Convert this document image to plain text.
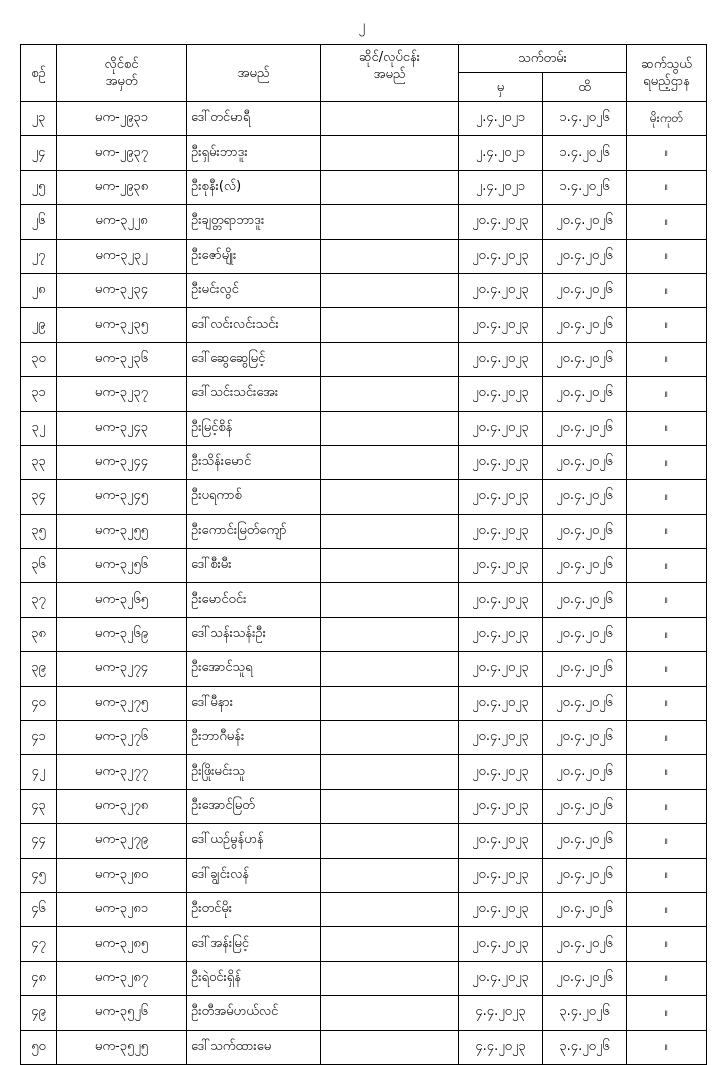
၂
စဉ်	လိုင်စင်
အမှတ်	အမည်	ဆိုင်/လုပ်ငန်း
အမည်	သက်တမ်း		ဆက်သွယ်
ရမည့်ဌာန
				မှ	ထိ	
၂၃	မက-၂၉၃၁	ဒေါ်တင်မာရီ		၂.၄.၂၀၂၁	၁.၄.၂၀၂၆	မိုးကုတ်
၂၄	မက-၂၉၃၇	ဦးရှမ်းဘာဒူး		၂.၄.၂၀၂၁	၁.၄.၂၀၂၆	။
၂၅	မက-၂၉၃၈	ဦးစုနီး(လ်)		၂.၄.၂၀၂၁	၁.၄.၂၀၂၆	။
၂၆	မက-၃၂၂၈	ဦးချတ္တရာဘာဒူး		၂၀.၄.၂၀၂၃	၂၀.၄.၂၀၂၆	။
၂၇	မက-၃၂၃၂	ဦးဇော်မျိုး		၂၀.၄.၂၀၂၃	၂၀.၄.၂၀၂၆	။
၂၈	မက-၃၂၃၄	ဦးမင်းလွင်		၂၀.၄.၂၀၂၃	၂၀.၄.၂၀၂၆	။
၂၉	မက-၃၂၃၅	ဒေါ်လင်းလင်းသင်း		၂၀.၄.၂၀၂၃	၂၀.၄.၂၀၂၆	။
၃၀	မက-၃၂၃၆	ဒေါ်ဆွေဆွေမြင့်		၂၀.၄.၂၀၂၃	၂၀.၄.၂၀၂၆	။
၃၁	မက-၃၂၃၇	ဒေါ်သင်းသင်းအေး		၂၀.၄.၂၀၂၃	၂၀.၄.၂၀၂၆	။
၃၂	မက-၃၂၄၃	ဦးမြင့်စိန်		၂၀.၄.၂၀၂၃	၂၀.၄.၂၀၂၆	။
၃၃	မက-၃၂၄၄	ဦးသိန်းမောင်		၂၀.၄.၂၀၂၃	၂၀.၄.၂၀၂၆	။
၃၄	မက-၃၂၄၅	ဦးပရကာစ်		၂၀.၄.၂၀၂၃	၂၀.၄.၂၀၂၆	။
၃၅	မက-၃၂၅၅	ဦးကောင်းမြတ်ကျော်		၂၀.၄.၂၀၂၃	၂၀.၄.၂၀၂၆	။
၃၆	မက-၃၂၅၆	ဒေါ်စီးမီး		၂၀.၄.၂၀၂၃	၂၀.၄.၂၀၂၆	။
၃၇	မက-၃၂၆၅	ဦးမောင်ဝင်း		၂၀.၄.၂၀၂၃	၂၀.၄.၂၀၂၆	။
၃၈	မက-၃၂၆၉	ဒေါ်သန်းသန်းဦး		၂၀.၄.၂၀၂၃	၂၀.၄.၂၀၂၆	။
၃၉	မက-၃၂၇၄	ဦးအောင်သူရ		၂၀.၄.၂၀၂၃	၂၀.၄.၂၀၂၆	။
၄၀	မက-၃၂၇၅	ဒေါ်မီနား		၂၀.၄.၂၀၂၃	၂၀.၄.၂၀၂၆	။
၄၁	မက-၃၂၇၆	ဦးဘာဂီမန်း		၂၀.၄.၂၀၂၃	၂၀.၄.၂၀၂၆	။
၄၂	မက-၃၂၇၇	ဦးဖြိုးမင်းသူ		၂၀.၄.၂၀၂၃	၂၀.၄.၂၀၂၆	။
၄၃	မက-၃၂၇၈	ဦးအောင်မြတ်		၂၀.၄.၂၀၂၃	၂၀.၄.၂၀၂၆	။
၄၄	မက-၃၂၇၉	ဒေါ်ယဉ်မွန်ဟန်		၂၀.၄.၂၀၂၃	၂၀.၄.၂၀၂၆	။
၄၅	မက-၃၂၈၀	ဒေါ်ချွင်းလန်		၂၀.၄.၂၀၂၃	၂၀.၄.၂၀၂၆	။
၄၆	မက-၃၂၈၁	ဦးတင်မိုး		၂၀.၄.၂၀၂၃	၂၀.၄.၂၀၂၆	။
၄၇	မက-၃၂၈၅	ဒေါ်အန်းမြင့်		၂၀.၄.၂၀၂၃	၂၀.၄.၂၀၂၆	။
၄၈	မက-၃၂၈၇	ဦးရဲဝင်းရှိန်		၂၀.၄.၂၀၂၃	၂၀.၄.၂၀၂၆	။
၄၉	မက-၃၅၂၆	ဦးတီအမ်ဟယ်လင်		၄.၄.၂၀၂၃	၃.၄.၂၀၂၆	။
၅၀	မက-၃၅၂၅	ဒေါ်သက်ထားမေ		၄.၄.၂၀၂၃	၃.၄.၂၀၂၆	။
